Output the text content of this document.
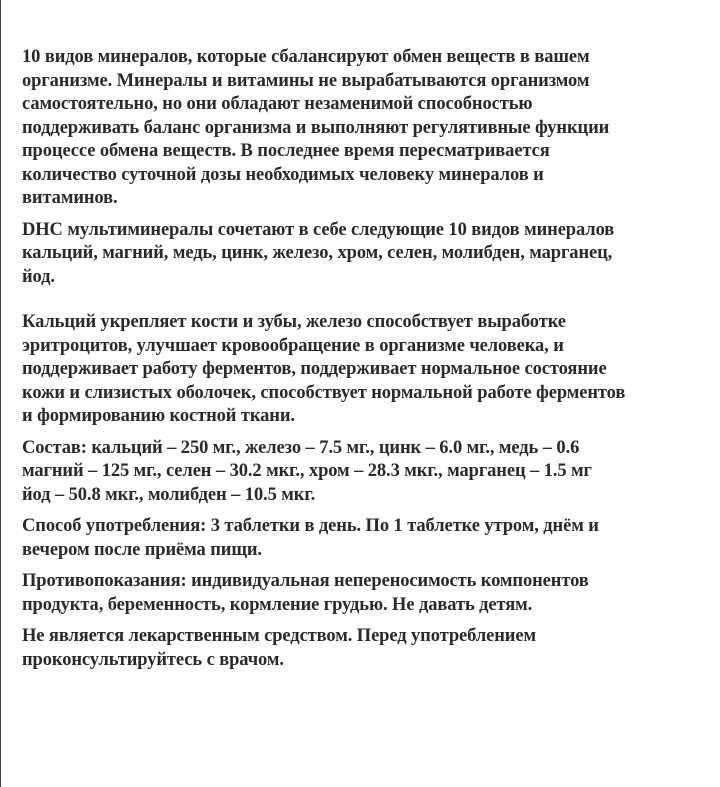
10 видов минералов, которые сбалансируют обмен веществ в вашем
организме. Минералы и витамины не вырабатываются организмом
самостоятельно, но они обладают незаменимой способностью
поддерживать баланс организма и выполняют регулятивные функции
процессе обмена веществ. В последнее время пересматривается
количество суточной дозы необходимых человеку минералов и
витаминов.

DHC мультиминералы сочетают в себе следующие 10 видов минералов
кальций, магний, медь, цинк, железо, хром, селен, молибден, марганец,
йод.

Кальций укрепляет кости и зубы, железо способствует выработке
эритроцитов, улучшает кровообращение в организме человека, и
поддерживает работу ферментов, поддерживает нормальное состояние
кожи и слизистых оболочек, способствует нормальной работе ферментов
и формированию костной ткани.

Состав: кальций – 250 мг., железо – 7.5 мг., цинк – 6.0 мг., медь – 0.6
магний – 125 мг., селен – 30.2 мкг., хром – 28.3 мкг., марганец – 1.5 мг
йод – 50.8 мкг., молибден – 10.5 мкг.

Способ употребления: 3 таблетки в день. По 1 таблетке утром, днём и
вечером после приёма пищи.

Противопоказания: индивидуальная непереносимость компонентов
продукта, беременность, кормление грудью. Не давать детям.

Не является лекарственным средством. Перед употреблением
проконсультируйтесь с врачом.
